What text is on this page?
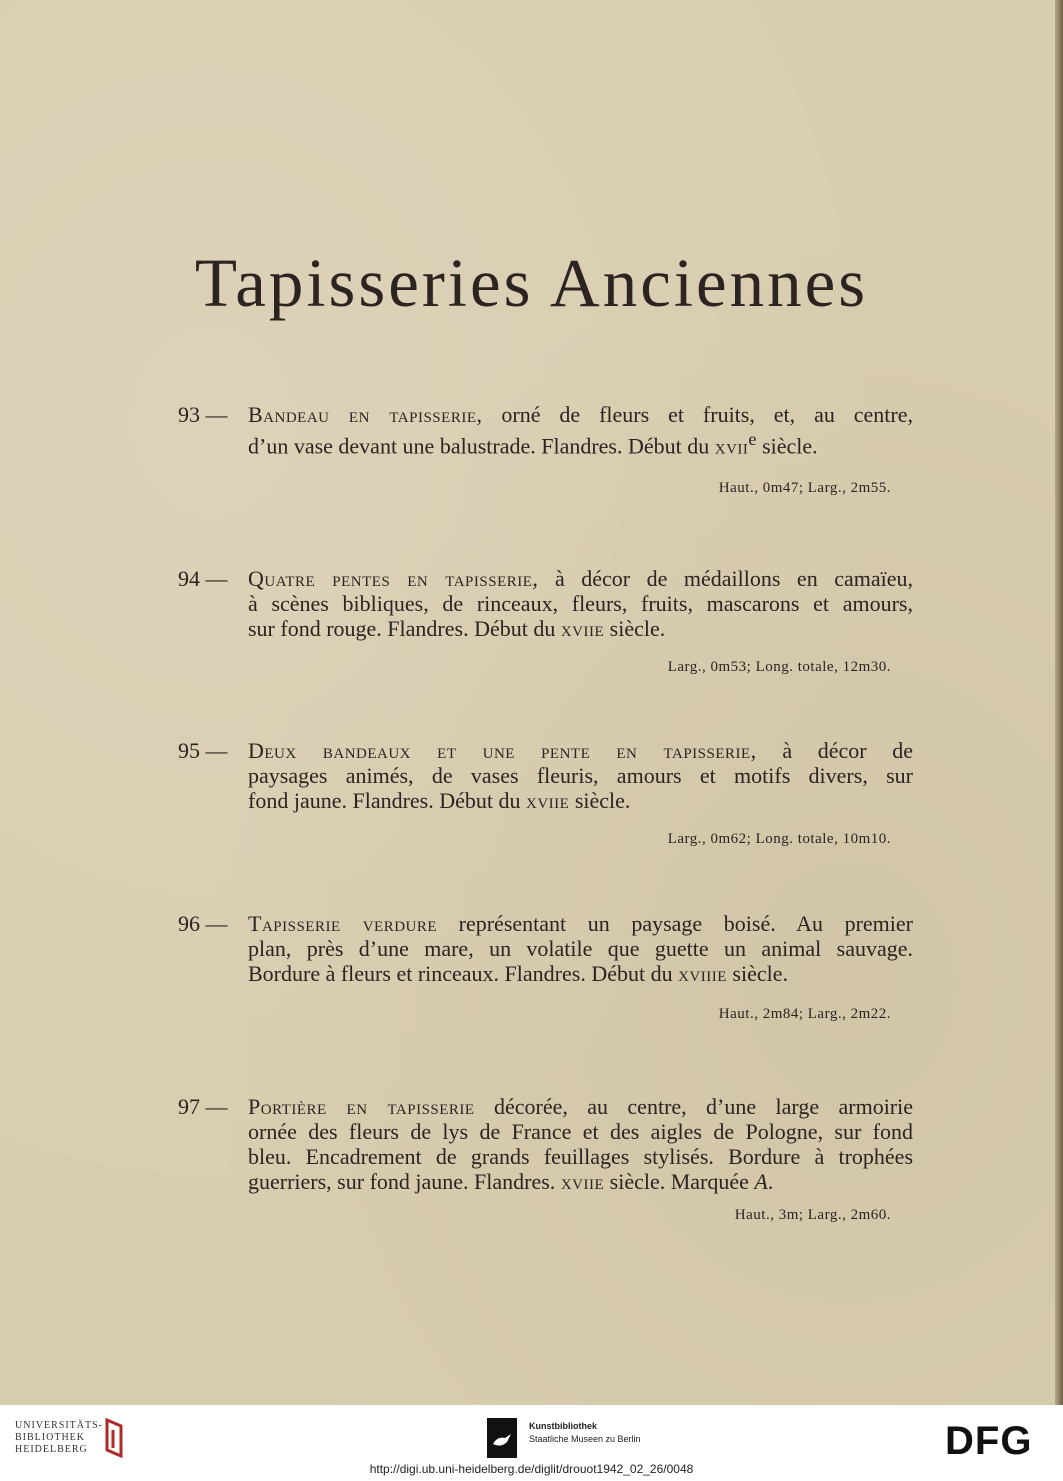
Tapisseries Anciennes
93 — Bandeau en tapisserie, orné de fleurs et fruits, et, au centre,
d’un vase devant une balustrade. Flandres. Début du xvii$^e$ siècle.
Haut., 0m47; Larg., 2m55.
94 — Quatre pentes en tapisserie, à décor de médaillons en camaïeu,
à scènes bibliques, de rinceaux, fleurs, fruits, mascarons et amours,
sur fond rouge. Flandres. Début du xviie siècle.
Larg., 0m53; Long. totale, 12m30.
95 — Deux bandeaux et une pente en tapisserie, à décor de
paysages animés, de vases fleuris, amours et motifs divers, sur
fond jaune. Flandres. Début du xviie siècle.
Larg., 0m62; Long. totale, 10m10.
96 — Tapisserie verdure représentant un paysage boisé. Au premier
plan, près d’une mare, un volatile que guette un animal sauvage.
Bordure à fleurs et rinceaux. Flandres. Début du xviiie siècle.
Haut., 2m84; Larg., 2m22.
97 — Portière en tapisserie décorée, au centre, d’une large armoirie
ornée des fleurs de lys de France et des aigles de Pologne, sur fond
bleu. Encadrement de grands feuillages stylisés. Bordure à trophées
guerriers, sur fond jaune. Flandres. xviie siècle. Marquée A.
Haut., 3m; Larg., 2m60.
UNIVERSITÄTS-
BIBLIOTHEK
HEIDELBERG
Kunstbibliothek
Staatliche Museen zu Berlin	DFG
http://digi.ub.uni-heidelberg.de/diglit/drouot1942_02_26/0048
